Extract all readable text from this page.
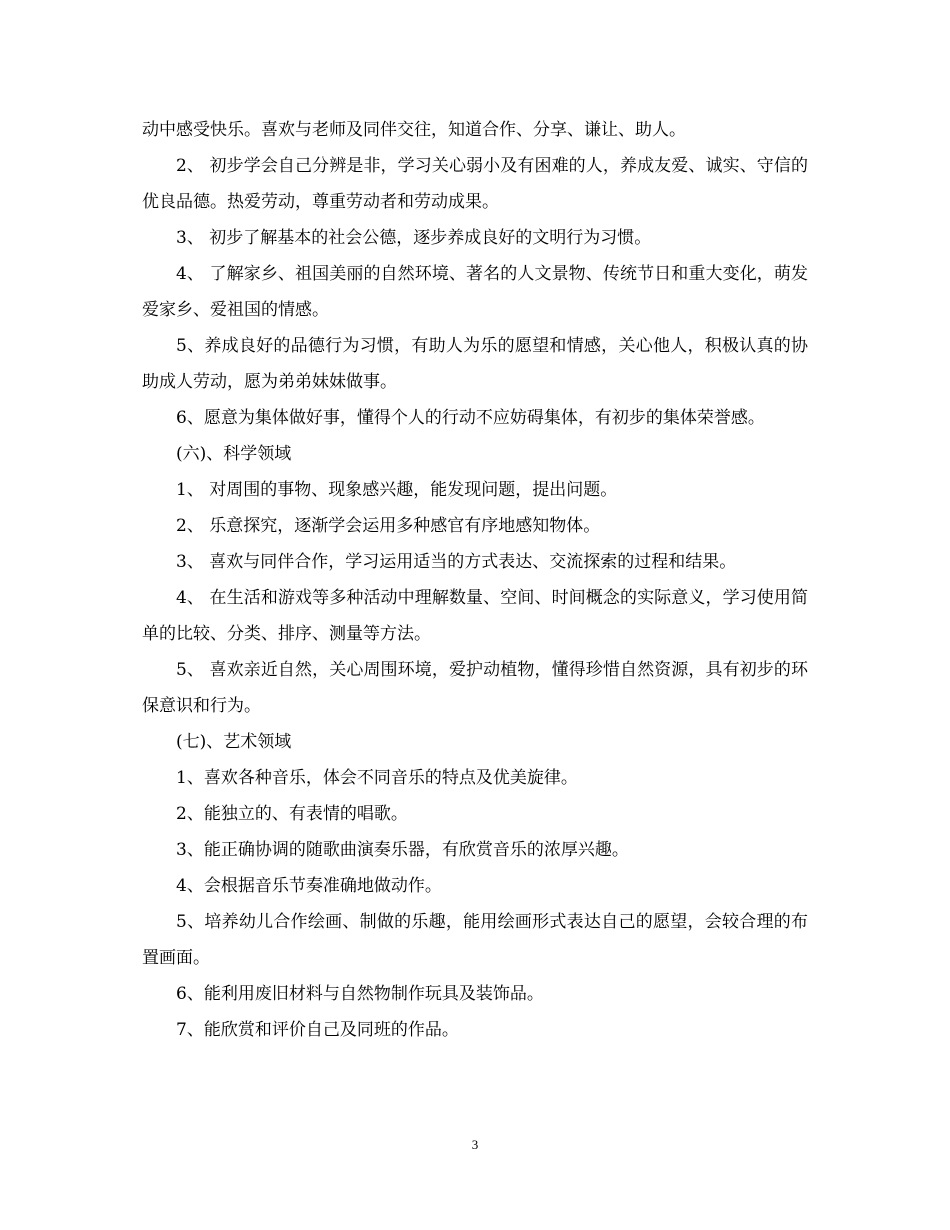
动中感受快乐。喜欢与老师及同伴交往，知道合作、分享、谦让、助人。

2、 初步学会自己分辨是非，学习关心弱小及有困难的人，养成友爱、诚实、守信的优良品德。热爱劳动，尊重劳动者和劳动成果。

3、 初步了解基本的社会公德，逐步养成良好的文明行为习惯。

4、 了解家乡、祖国美丽的自然环境、著名的人文景物、传统节日和重大变化，萌发爱家乡、爱祖国的情感。

5、养成良好的品德行为习惯，有助人为乐的愿望和情感，关心他人，积极认真的协助成人劳动，愿为弟弟妹妹做事。

6、愿意为集体做好事，懂得个人的行动不应妨碍集体，有初步的集体荣誉感。

(六)、科学领域

1、 对周围的事物、现象感兴趣，能发现问题，提出问题。

2、 乐意探究，逐渐学会运用多种感官有序地感知物体。

3、 喜欢与同伴合作，学习运用适当的方式表达、交流探索的过程和结果。

4、 在生活和游戏等多种活动中理解数量、空间、时间概念的实际意义，学习使用简单的比较、分类、排序、测量等方法。

5、 喜欢亲近自然，关心周围环境，爱护动植物，懂得珍惜自然资源，具有初步的环保意识和行为。

(七)、艺术领域

1、喜欢各种音乐，体会不同音乐的特点及优美旋律。

2、能独立的、有表情的唱歌。

3、能正确协调的随歌曲演奏乐器，有欣赏音乐的浓厚兴趣。

4、会根据音乐节奏准确地做动作。

5、培养幼儿合作绘画、制做的乐趣，能用绘画形式表达自己的愿望，会较合理的布置画面。

6、能利用废旧材料与自然物制作玩具及装饰品。

7、能欣赏和评价自己及同班的作品。

3
